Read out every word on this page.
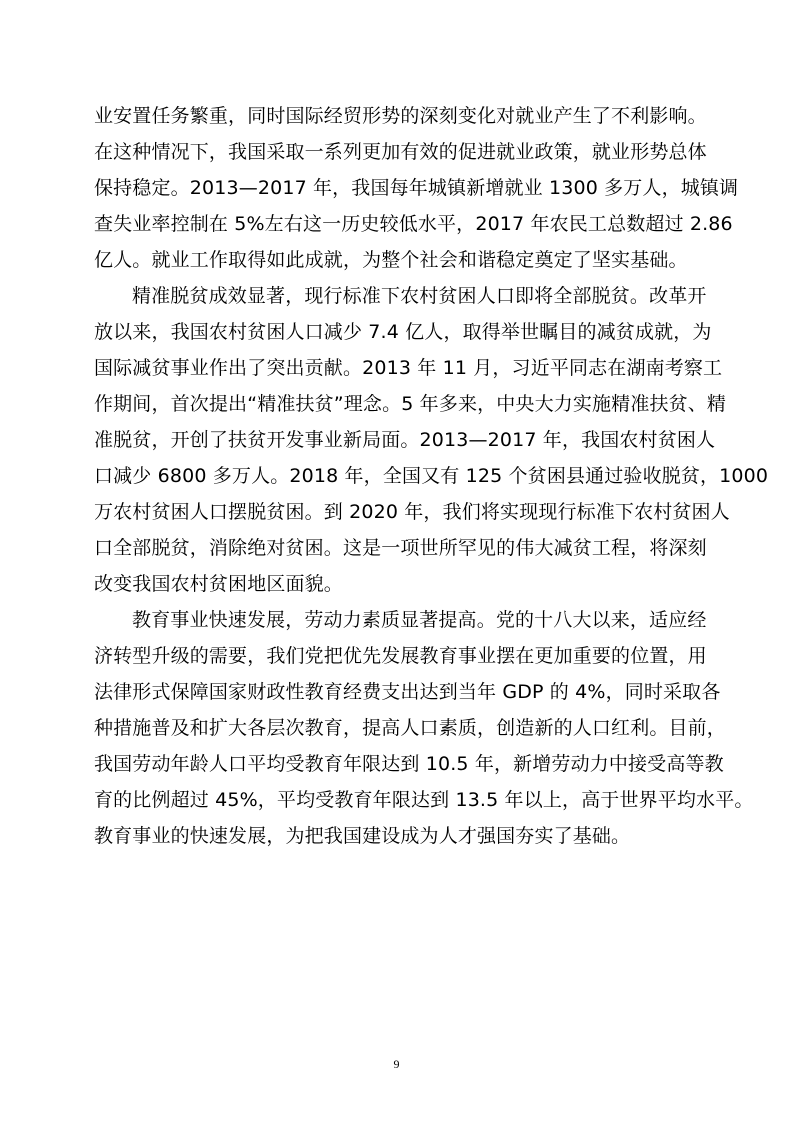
业安置任务繁重，同时国际经贸形势的深刻变化对就业产生了不利影响。
在这种情况下，我国采取一系列更加有效的促进就业政策，就业形势总体
保持稳定。2013—2017 年，我国每年城镇新增就业 1300 多万人，城镇调
查失业率控制在 5%左右这一历史较低水平，2017 年农民工总数超过 2.86
亿人。就业工作取得如此成就，为整个社会和谐稳定奠定了坚实基础。
精准脱贫成效显著，现行标准下农村贫困人口即将全部脱贫。改革开
放以来，我国农村贫困人口减少 7.4 亿人，取得举世瞩目的减贫成就，为
国际减贫事业作出了突出贡献。2013 年 11 月，习近平同志在湖南考察工
作期间，首次提出“精准扶贫”理念。5 年多来，中央大力实施精准扶贫、精
准脱贫，开创了扶贫开发事业新局面。2013—2017 年，我国农村贫困人
口减少 6800 多万人。2018 年，全国又有 125 个贫困县通过验收脱贫，1000
万农村贫困人口摆脱贫困。到 2020 年，我们将实现现行标准下农村贫困人
口全部脱贫，消除绝对贫困。这是一项世所罕见的伟大减贫工程，将深刻
改变我国农村贫困地区面貌。
教育事业快速发展，劳动力素质显著提高。党的十八大以来，适应经
济转型升级的需要，我们党把优先发展教育事业摆在更加重要的位置，用
法律形式保障国家财政性教育经费支出达到当年 GDP 的 4%，同时采取各
种措施普及和扩大各层次教育，提高人口素质，创造新的人口红利。目前，
我国劳动年龄人口平均受教育年限达到 10.5 年，新增劳动力中接受高等教
育的比例超过 45%，平均受教育年限达到 13.5 年以上，高于世界平均水平。
教育事业的快速发展，为把我国建设成为人才强国夯实了基础。
9
